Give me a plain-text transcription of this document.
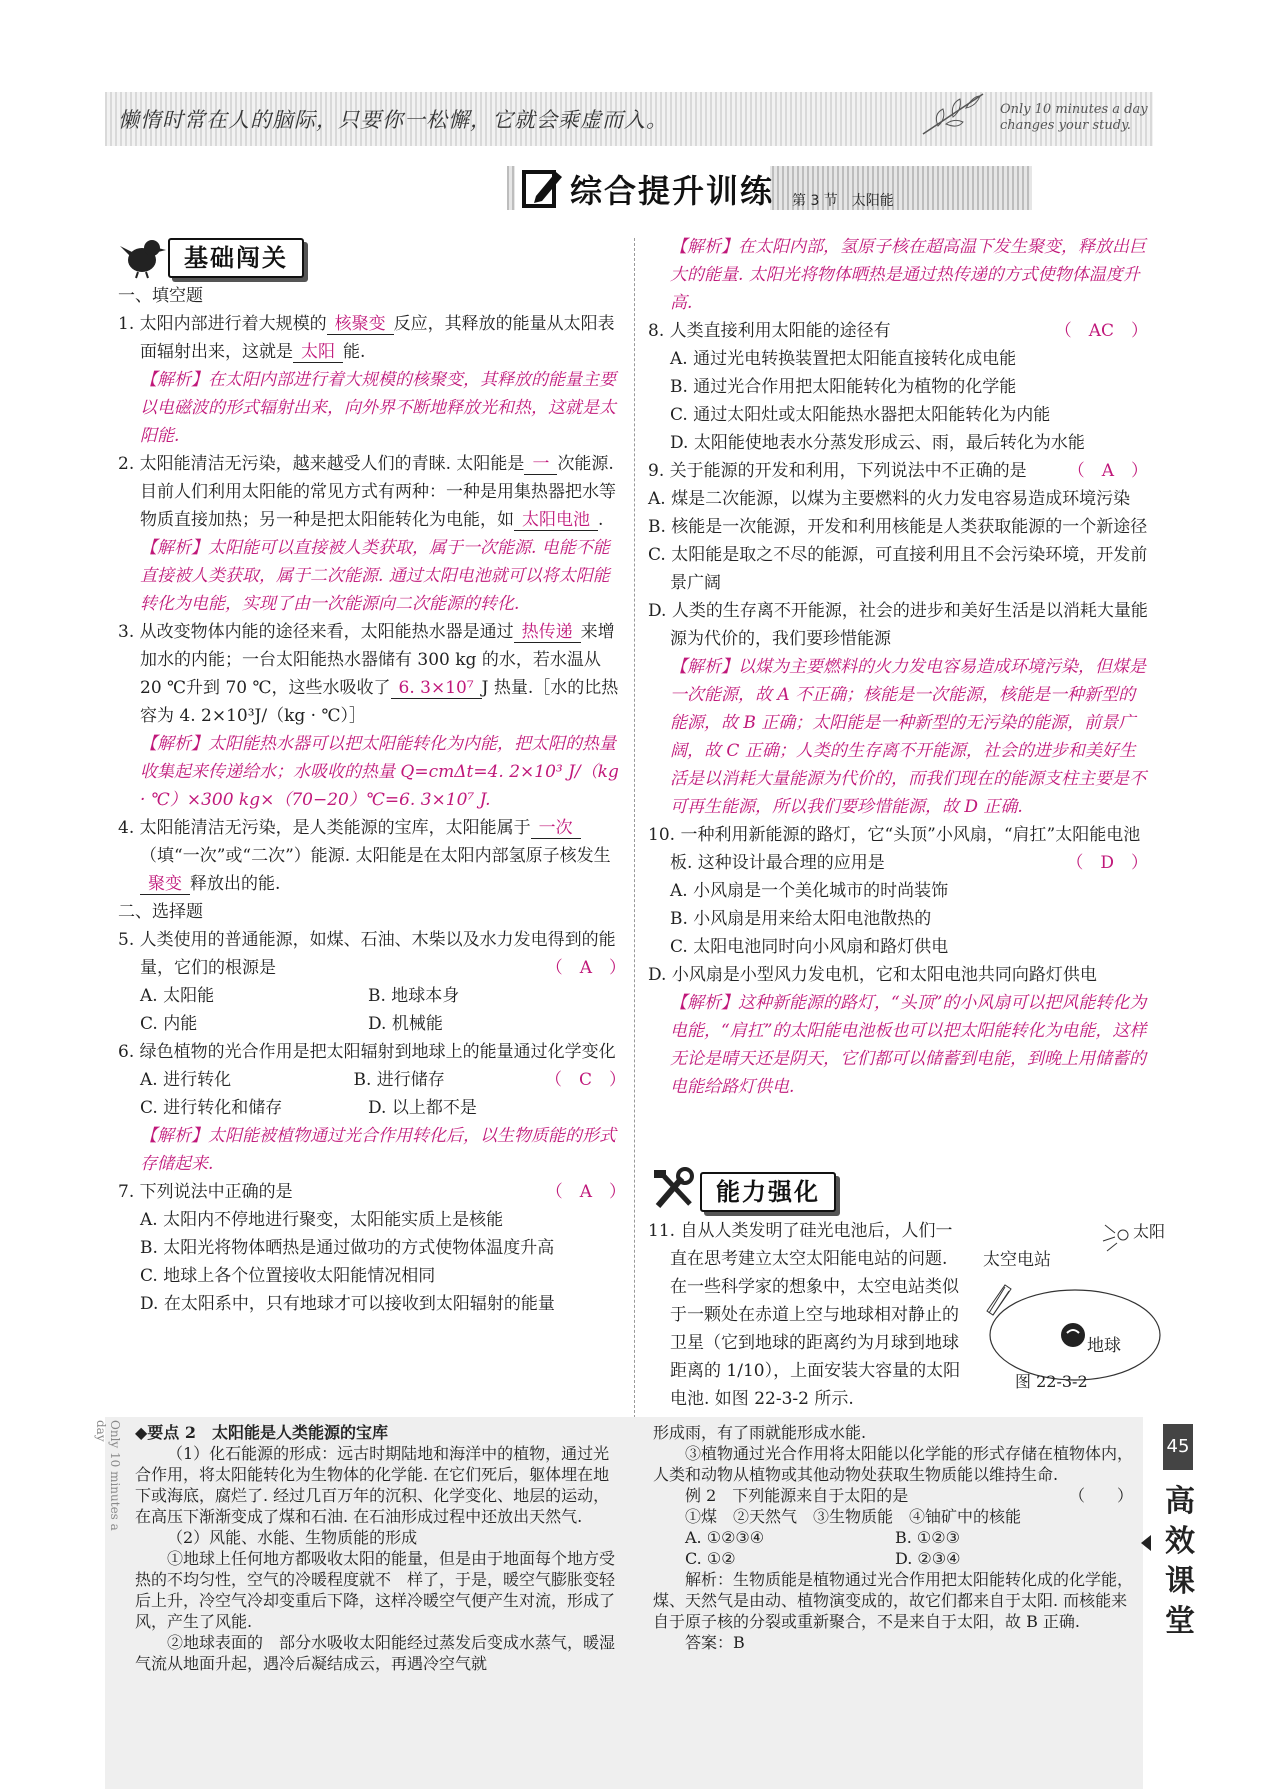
懒惰时常在人的脑际，只要你一松懈，它就会乘虚而入。	Only 10 minutes a day
changes your study.
综合提升训练 第 3 节　太阳能
基础闯关

一、填空题

1. 太阳内部进行着大规模的 核聚变 反应，其释放的能量从太阳表面辐射出来，这就是 太阳 能.

【解析】在太阳内部进行着大规模的核聚变，其释放的能量主要以电磁波的形式辐射出来，向外界不断地释放光和热，这就是太阳能.

2. 太阳能清洁无污染，越来越受人们的青睐. 太阳能是 一 次能源. 目前人们利用太阳能的常见方式有两种：一种是用集热器把水等物质直接加热；另一种是把太阳能转化为电能，如 太阳电池 .

【解析】太阳能可以直接被人类获取，属于一次能源. 电能不能直接被人类获取，属于二次能源. 通过太阳电池就可以将太阳能转化为电能，实现了由一次能源向二次能源的转化.

3. 从改变物体内能的途径来看，太阳能热水器是通过 热传递 来增加水的内能；一台太阳能热水器储有 300 kg 的水，若水温从 20 ℃升到 70 ℃，这些水吸收了 6. 3×10⁷ J 热量.［水的比热容为 4. 2×10³J/（kg · ℃）］

【解析】太阳能热水器可以把太阳能转化为内能，把太阳的热量收集起来传递给水；水吸收的热量 Q=cmΔt=4. 2×10³ J/（kg · ℃）×300 kg×（70−20）℃=6. 3×10⁷ J.

4. 太阳能清洁无污染，是人类能源的宝库，太阳能属于 一次（填“一次”或“二次”）能源. 太阳能是在太阳内部氢原子核发生聚变 释放出的能.

二、选择题

5. 人类使用的普通能源，如煤、石油、木柴以及水力发电得到的能量，它们的根源是	（　A　）

A. 太阳能	B. 地球本身

C. 内能	D. 机械能

6. 绿色植物的光合作用是把太阳辐射到地球上的能量通过化学变化
（　C　）

A. 进行转化	B. 进行储存

C. 进行转化和储存	D. 以上都不是

【解析】太阳能被植物通过光合作用转化后，以生物质能的形式存储起来.

7. 下列说法中正确的是	（　A　）

A. 太阳内不停地进行聚变，太阳能实质上是核能

B. 太阳光将物体晒热是通过做功的方式使物体温度升高

C. 地球上各个位置接收太阳能情况相同

D. 在太阳系中，只有地球才可以接收到太阳辐射的能量

【解析】在太阳内部，氢原子核在超高温下发生聚变，释放出巨大的能量. 太阳光将物体晒热是通过热传递的方式使物体温度升高.

8. 人类直接利用太阳能的途径有	（　AC　）

A. 通过光电转换装置把太阳能直接转化成电能

B. 通过光合作用把太阳能转化为植物的化学能

C. 通过太阳灶或太阳能热水器把太阳能转化为内能

D. 太阳能使地表水分蒸发形成云、雨，最后转化为水能

9. 关于能源的开发和利用，下列说法中不正确的是 （　A　）

A. 煤是二次能源，以煤为主要燃料的火力发电容易造成环境污染

B. 核能是一次能源，开发和利用核能是人类获取能源的一个新途径

C. 太阳能是取之不尽的能源，可直接利用且不会污染环境，开发前景广阔

D. 人类的生存离不开能源，社会的进步和美好生活是以消耗大量能源为代价的，我们要珍惜能源

【解析】以煤为主要燃料的火力发电容易造成环境污染，但煤是一次能源，故 A 不正确；核能是一次能源，核能是一种新型的能源，故 B 正确；太阳能是一种新型的无污染的能源，前景广阔，故 C 正确；人类的生存离不开能源，社会的进步和美好生活是以消耗大量能源为代价的，而我们现在的能源支柱主要是不可再生能源，所以我们要珍惜能源，故 D 正确.

10. 一种利用新能源的路灯，它“头顶”小风扇，“肩扛”太阳能电池板. 这种设计最合理的应用是	（　D　）

A. 小风扇是一个美化城市的时尚装饰

B. 小风扇是用来给太阳电池散热的

C. 太阳电池同时向小风扇和路灯供电

D. 小风扇是小型风力发电机，它和太阳电池共同向路灯供电

【解析】这种新能源的路灯，“头顶”的小风扇可以把风能转化为电能，“肩扛”的太阳能电池板也可以把太阳能转化为电能，这样无论是晴天还是阴天，它们都可以储蓄到电能，到晚上用储蓄的电能给路灯供电.

能力强化

11. 自从人类发明了硅光电池后，人们一直在思考建立太空太阳能电站的问题. 在一些科学家的想象中，太空电站类似于一颗处在赤道上空与地球相对静止的卫星（它到地球的距离约为月球到地球距离的 1/10），上面安装大容量的太阳电池. 如图 22-3-2 所示.

太空电站
太阳
地球
图 22-3-2
Only 10 minutes a day	◆要点 2　太阳能是人类能源的宝库

（1）化石能源的形成：远古时期陆地和海洋中的植物，通过光合作用，将太阳能转化为生物体的化学能. 在它们死后，躯体埋在地下或海底，腐烂了. 经过几百万年的沉积、化学变化、地层的运动，在高压下渐渐变成了煤和石油. 在石油形成过程中还放出天然气.

（2）风能、水能、生物质能的形成

①地球上任何地方都吸收太阳的能量，但是由于地面每个地方受热的不均匀性，空气的冷暖程度就不　样了，于是，暖空气膨胀变轻后上升，冷空气冷却变重后下降，这样冷暖空气便产生对流，形成了风，产生了风能.

②地球表面的　部分水吸收太阳能经过蒸发后变成水蒸气，暖湿气流从地面升起，遇冷后凝结成云，再遇冷空气就

形成雨，有了雨就能形成水能.

③植物通过光合作用将太阳能以化学能的形式存储在植物体内，人类和动物从植物或其他动物处获取生物质能以维持生命.

例 2　下列能源来自于太阳的是	（　　）

①煤　②天然气　③生物质能　④铀矿中的核能

A. ①②③④	B. ①②③

C. ①②	D. ②③④

解析：生物质能是植物通过光合作用把太阳能转化成的化学能，煤、天然气是由动、植物演变成的，故它们都来自于太阳. 而核能来自于原子核的分裂或重新聚合，不是来自于太阳，故 B 正确.

答案：B

45
高
效
课
堂
